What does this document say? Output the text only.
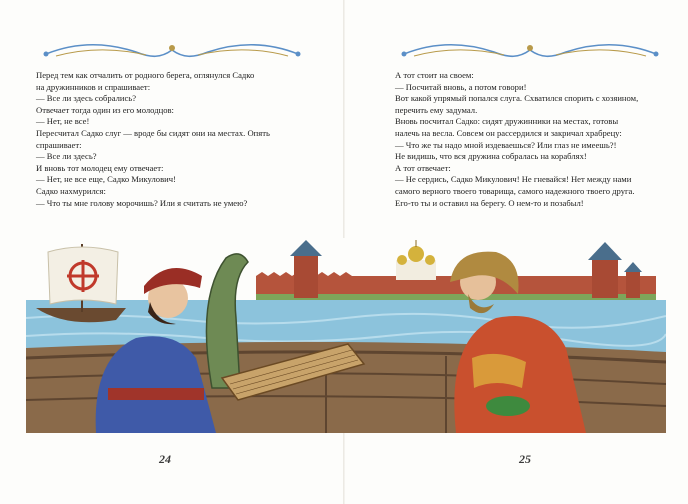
Перед тем как отчалить от родного берега, оглянулся Садко

на дружинников и спрашивает:

— Все ли здесь собрались?

Отвечает тогда один из его молодцов:

— Нет, не все!

Пересчитал Садко слуг — вроде бы сидят они на местах. Опять

спрашивает:

— Все ли здесь?

И вновь тот молодец ему отвечает:

— Нет, не все еще, Садко Микулович!

Садко нахмурился:

— Что ты мне голову морочишь? Или я считать не умею?

А тот стоит на своем:

— Посчитай вновь, а потом говори!

Вот какой упрямый попался слуга. Схватился спорить с хозяином,

перечить ему задумал.

Вновь посчитал Садко: сидят дружинники на местах, готовы

налечь на весла. Совсем он рассердился и закричал храбрецу:

— Что же ты надо мной издеваешься? Или глаз не имеешь?!

Не видишь, что вся дружина собралась на кораблях!

А тот отвечает:

— Не сердись, Садко Микулович! Не гневайся! Нет между нами

самого верного твоего товарища, самого надежного твоего друга.

Его-то ты и оставил на берегу. О нем-то и позабыл!

24	25
